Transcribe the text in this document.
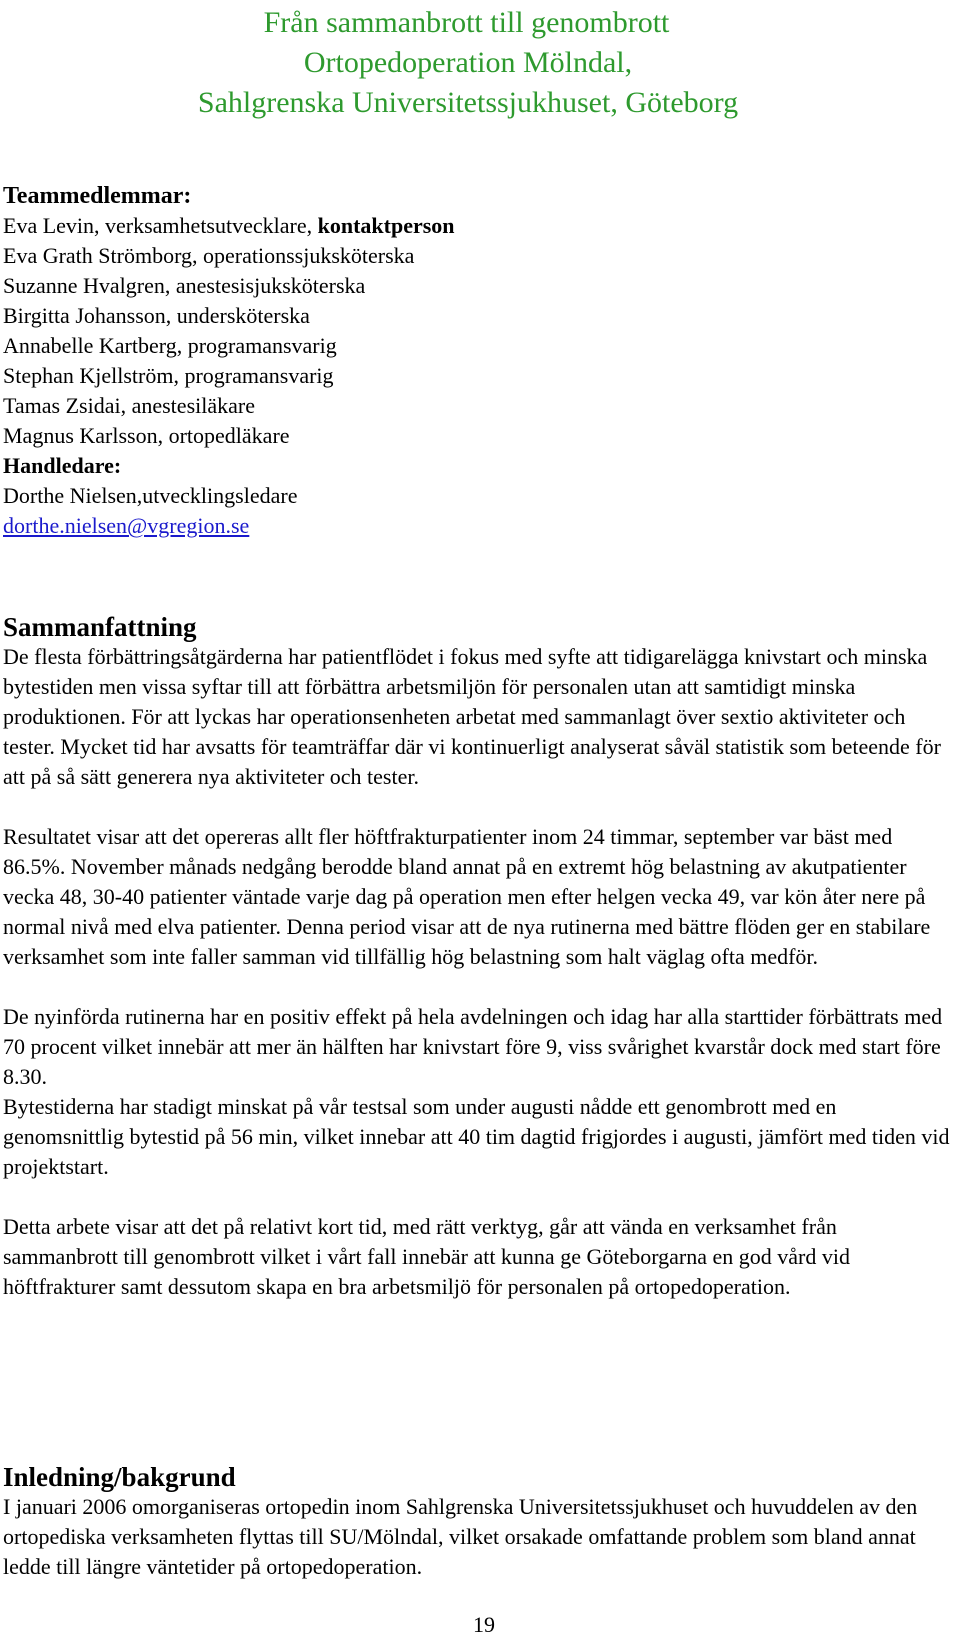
Från sammanbrott till genombrott
Ortopedoperation Mölndal,
Sahlgrenska Universitetssjukhuset, Göteborg
Teammedlemmar:
Eva Levin, verksamhetsutvecklare, kontaktperson
Eva Grath Strömborg, operationssjuksköterska
Suzanne Hvalgren, anestesisjuksköterska
Birgitta Johansson, undersköterska
Annabelle Kartberg, programansvarig
Stephan Kjellström, programansvarig
Tamas Zsidai, anestesiläkare
Magnus Karlsson, ortopedläkare
Handledare:
Dorthe Nielsen,utvecklingsledare
dorthe.nielsen@vgregion.se
Sammanfattning

De flesta förbättringsåtgärderna har patientflödet i fokus med syfte att tidigarelägga knivstart och minska bytestiden men vissa syftar till att förbättra arbetsmiljön för personalen utan att samtidigt minska produktionen. För att lyckas har operationsenheten arbetat med sammanlagt över sextio aktiviteter och tester. Mycket tid har avsatts för teamträffar där vi kontinuerligt analyserat såväl statistik som beteende för att på så sätt generera nya aktiviteter och tester.

Resultatet visar att det opereras allt fler höftfrakturpatienter inom 24 timmar, september var bäst med 86.5%. November månads nedgång berodde bland annat på en extremt hög belastning av akutpatienter vecka 48, 30-40 patienter väntade varje dag på operation men efter helgen vecka 49, var kön åter nere på normal nivå med elva patienter. Denna period visar att de nya rutinerna med bättre flöden ger en stabilare verksamhet som inte faller samman vid tillfällig hög belastning som halt väglag ofta medför.

De nyinförda rutinerna har en positiv effekt på hela avdelningen och idag har alla starttider förbättrats med 70 procent vilket innebär att mer än hälften har knivstart före 9, viss svårighet kvarstår dock med start före 8.30.

Bytestiderna har stadigt minskat på vår testsal som under augusti nådde ett genombrott med en genomsnittlig bytestid på 56 min, vilket innebar att 40 tim dagtid frigjordes i augusti, jämfört med tiden vid projektstart.

Detta arbete visar att det på relativt kort tid, med rätt verktyg, går att vända en verksamhet från sammanbrott till genombrott vilket i vårt fall innebär att kunna ge Göteborgarna en god vård vid höftfrakturer samt dessutom skapa en bra arbetsmiljö för personalen på ortopedoperation.

Inledning/bakgrund

I januari 2006 omorganiseras ortopedin inom Sahlgrenska Universitetssjukhuset och huvuddelen av den ortopediska verksamheten flyttas till SU/Mölndal, vilket orsakade omfattande problem som bland annat ledde till längre väntetider på ortopedoperation.

19
